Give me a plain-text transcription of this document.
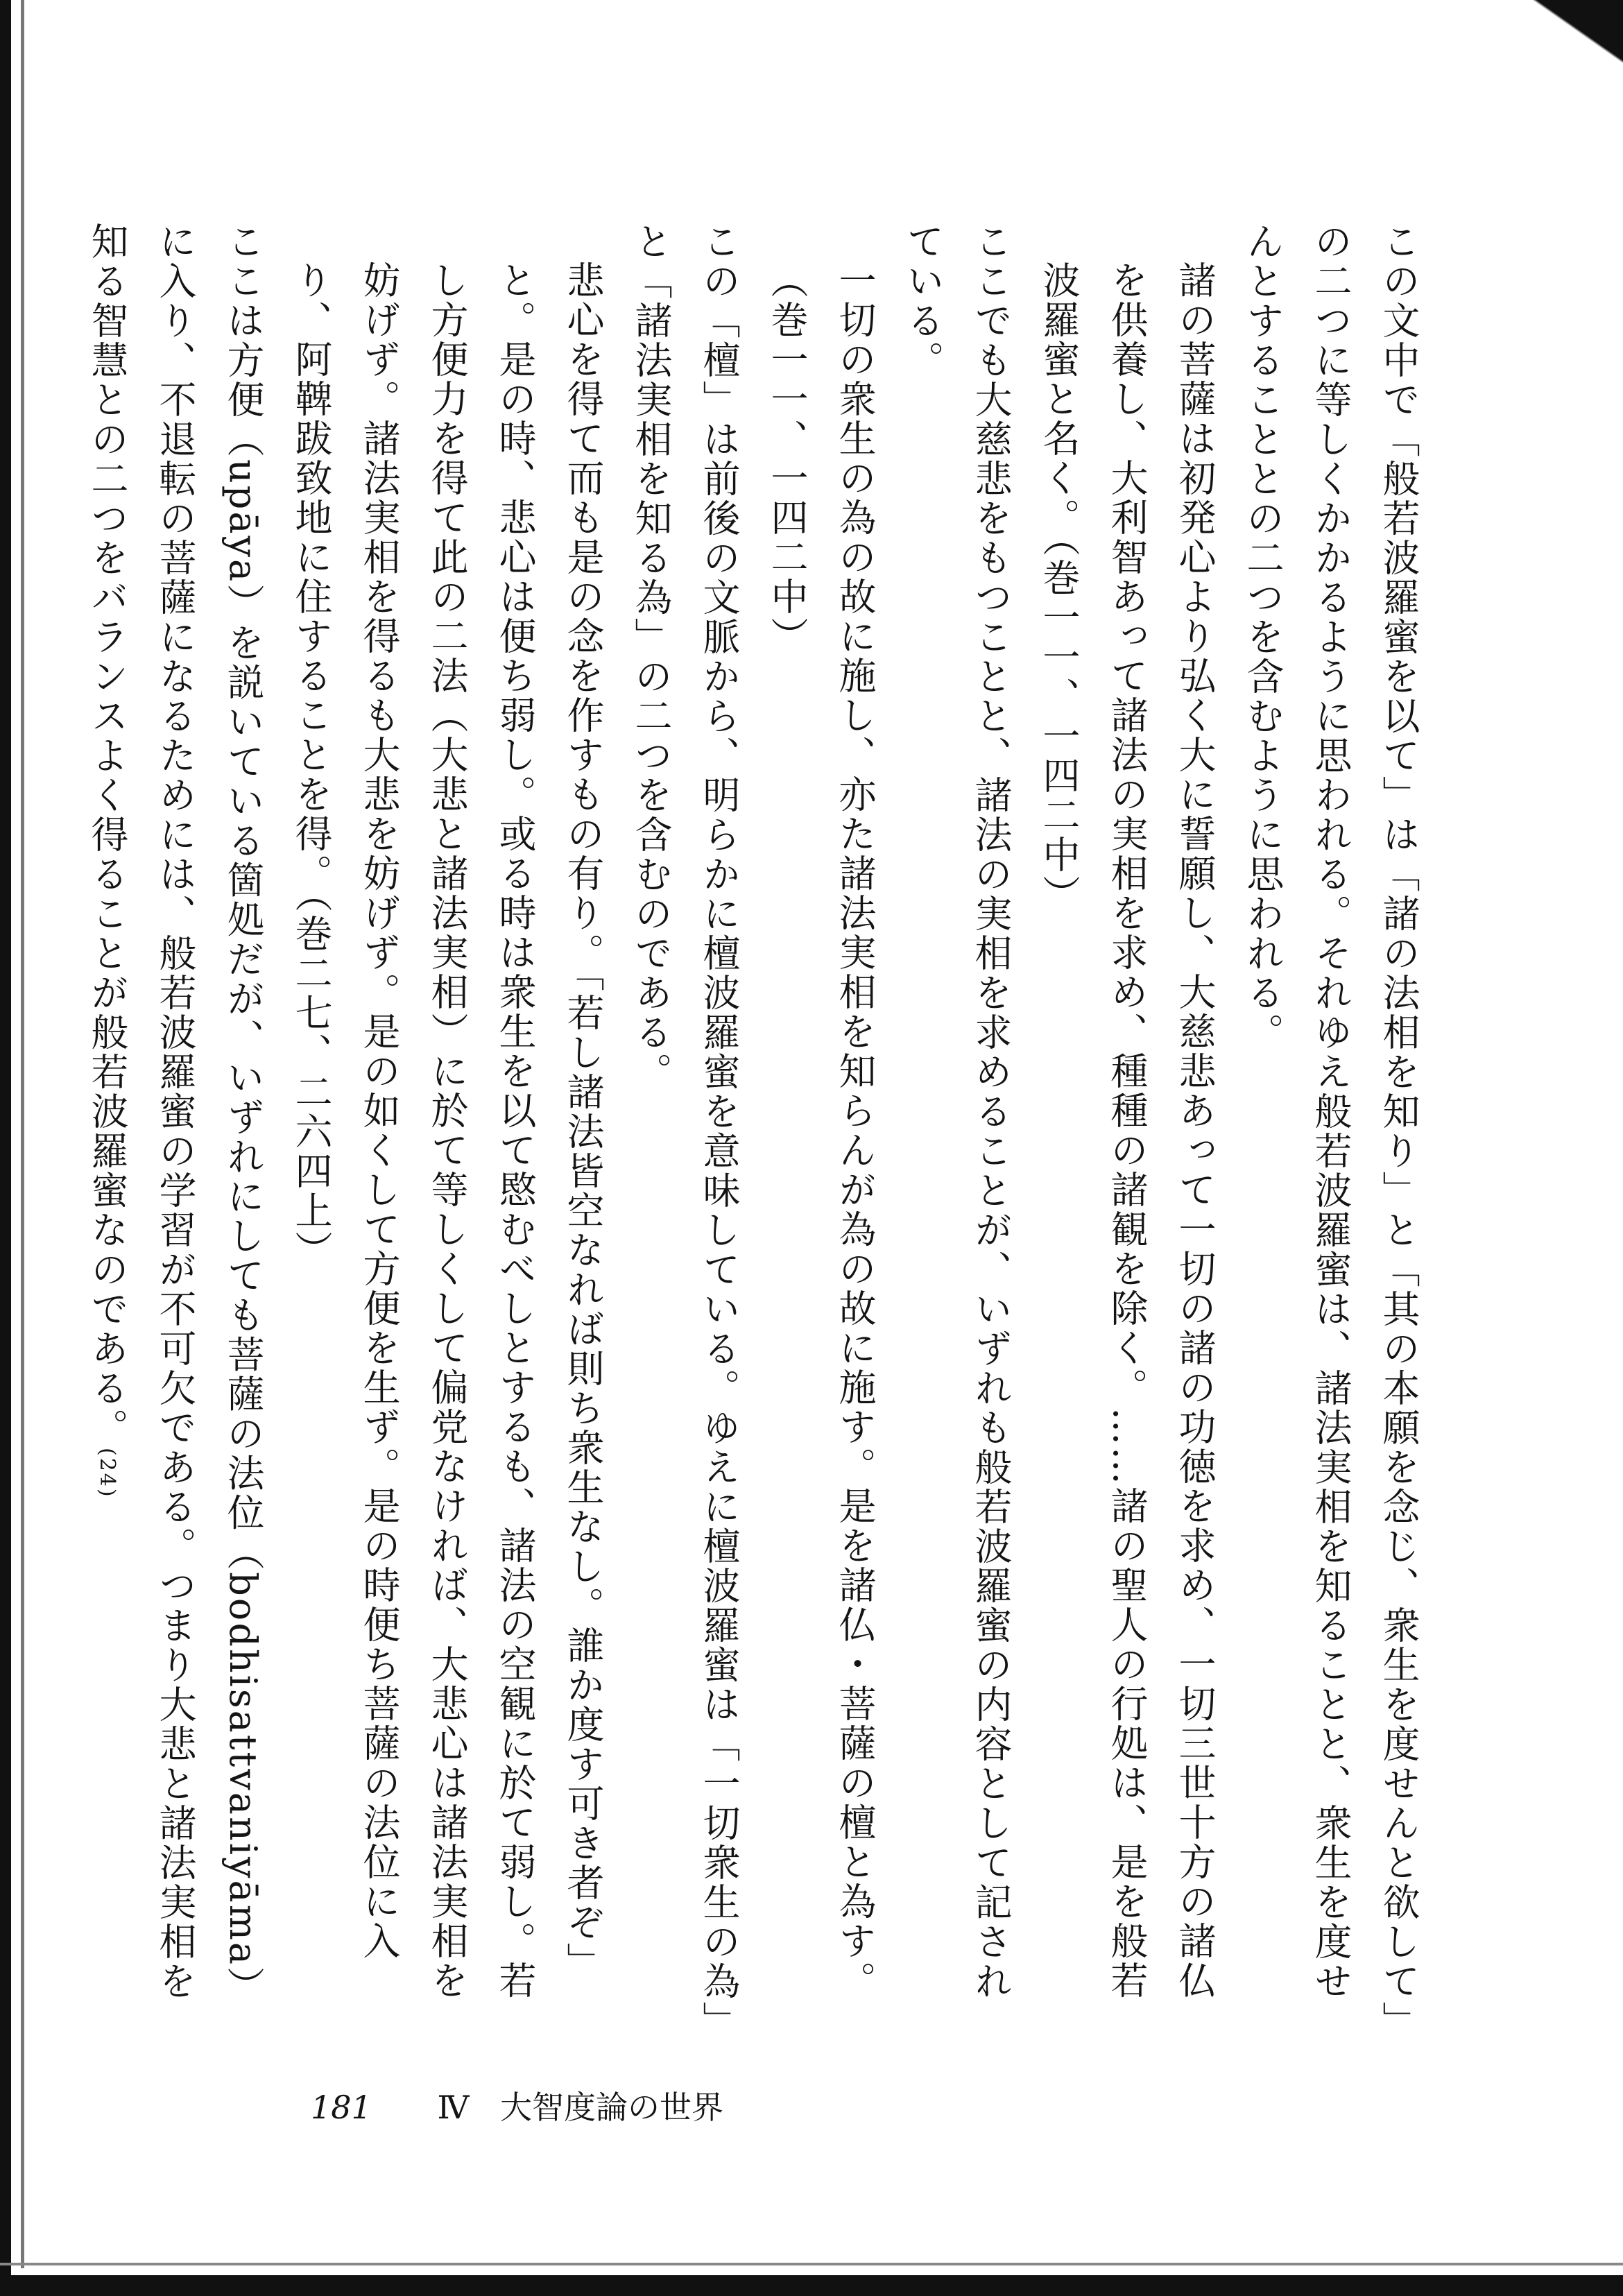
この文中で「般若波羅蜜を以て」は「諸の法相を知り」と「其の本願を念じ、衆生を度せんと欲して」の二つに等しくかかるように思われる。それゆえ般若波羅蜜は、諸法実相を知ることと、衆生を度せんとすることとの二つを含むように思われる。

諸の菩薩は初発心より弘く大に誓願し、大慈悲あって一切の諸の功徳を求め、一切三世十方の諸仏を供養し、大利智あって諸法の実相を求め、種種の諸観を除く。……諸の聖人の行処は、是を般若波羅蜜と名く。（巻一一、一四二中）

ここでも大慈悲をもつことと、諸法の実相を求めることが、いずれも般若波羅蜜の内容として記されている。

一切の衆生の為の故に施し、亦た諸法実相を知らんが為の故に施す。是を諸仏・菩薩の檀と為す。（巻一一、一四二中）

この「檀」は前後の文脈から、明らかに檀波羅蜜を意味している。ゆえに檀波羅蜜は「一切衆生の為」と「諸法実相を知る為」の二つを含むのである。

悲心を得て而も是の念を作すもの有り。「若し諸法皆空なれば則ち衆生なし。誰か度す可き者ぞ」と。是の時、悲心は便ち弱し。或る時は衆生を以て愍むべしとするも、諸法の空観に於て弱し。若し方便力を得て此の二法（大悲と諸法実相）に於て等しくして偏党なければ、大悲心は諸法実相を妨げず。諸法実相を得るも大悲を妨げず。是の如くして方便を生ず。是の時便ち菩薩の法位に入り、阿鞞跋致地に住することを得。（巻二七、二六四上）

ここは方便（upāya）を説いている箇処だが、いずれにしても菩薩の法位（bodhisattvaniyāma）に入り、不退転の菩薩になるためには、般若波羅蜜の学習が不可欠である。つまり大悲と諸法実相を知る智慧との二つをバランスよく得ることが般若波羅蜜なのである。(24)

181 Ⅳ 大智度論の世界
